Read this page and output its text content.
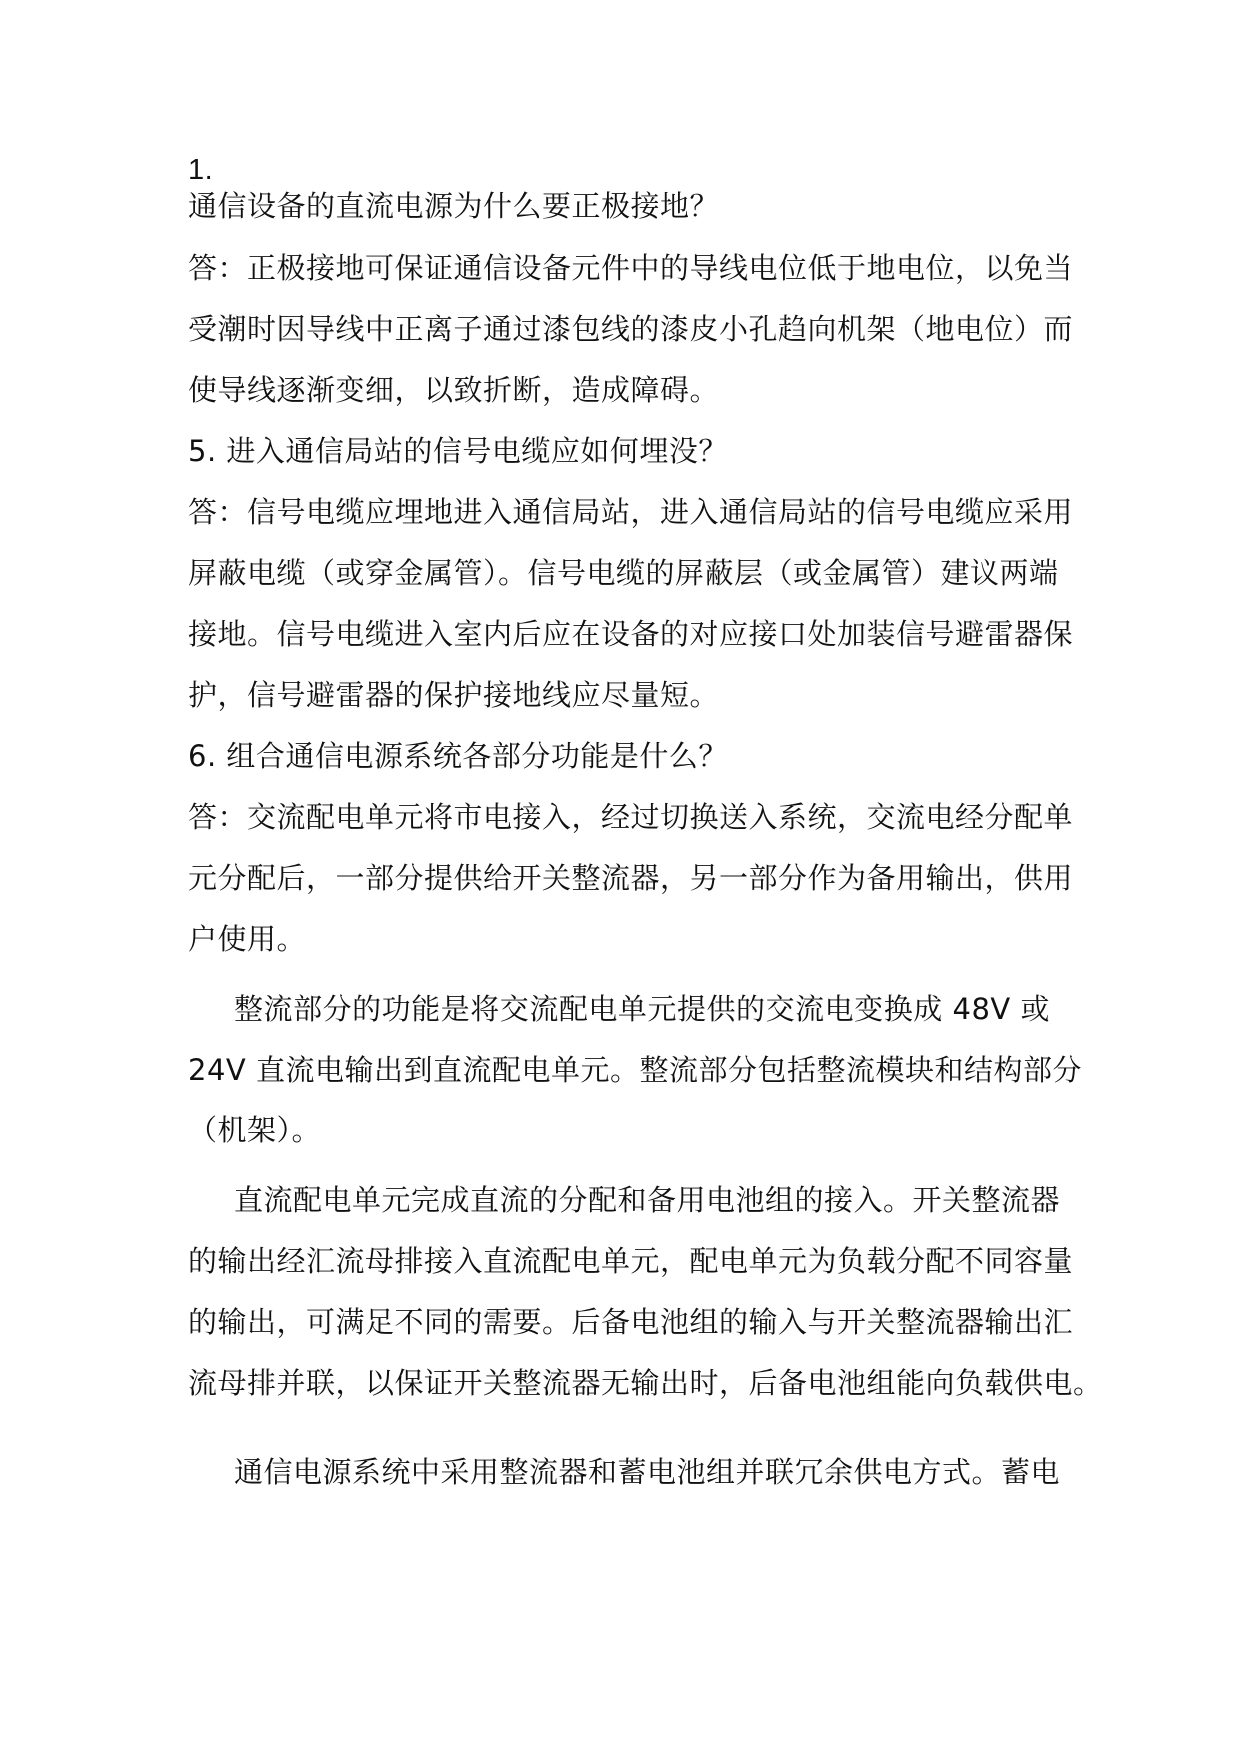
1.
通信设备的直流电源为什么要正极接地？
答：正极接地可保证通信设备元件中的导线电位低于地电位，以免当
受潮时因导线中正离子通过漆包线的漆皮小孔趋向机架（地电位）而
使导线逐渐变细，以致折断，造成障碍。
5. 进入通信局站的信号电缆应如何埋没？
答：信号电缆应埋地进入通信局站，进入通信局站的信号电缆应采用
屏蔽电缆（或穿金属管）。信号电缆的屏蔽层（或金属管）建议两端
接地。信号电缆进入室内后应在设备的对应接口处加装信号避雷器保
护，信号避雷器的保护接地线应尽量短。
6. 组合通信电源系统各部分功能是什么？
答：交流配电单元将市电接入，经过切换送入系统，交流电经分配单
元分配后，一部分提供给开关整流器，另一部分作为备用输出，供用
户使用。
整流部分的功能是将交流配电单元提供的交流电变换成 48V 或
24V 直流电输出到直流配电单元。整流部分包括整流模块和结构部分
（机架）。
直流配电单元完成直流的分配和备用电池组的接入。开关整流器
的输出经汇流母排接入直流配电单元，配电单元为负载分配不同容量
的输出，可满足不同的需要。后备电池组的输入与开关整流器输出汇
流母排并联，以保证开关整流器无输出时，后备电池组能向负载供电。
通信电源系统中采用整流器和蓄电池组并联冗余供电方式。蓄电
